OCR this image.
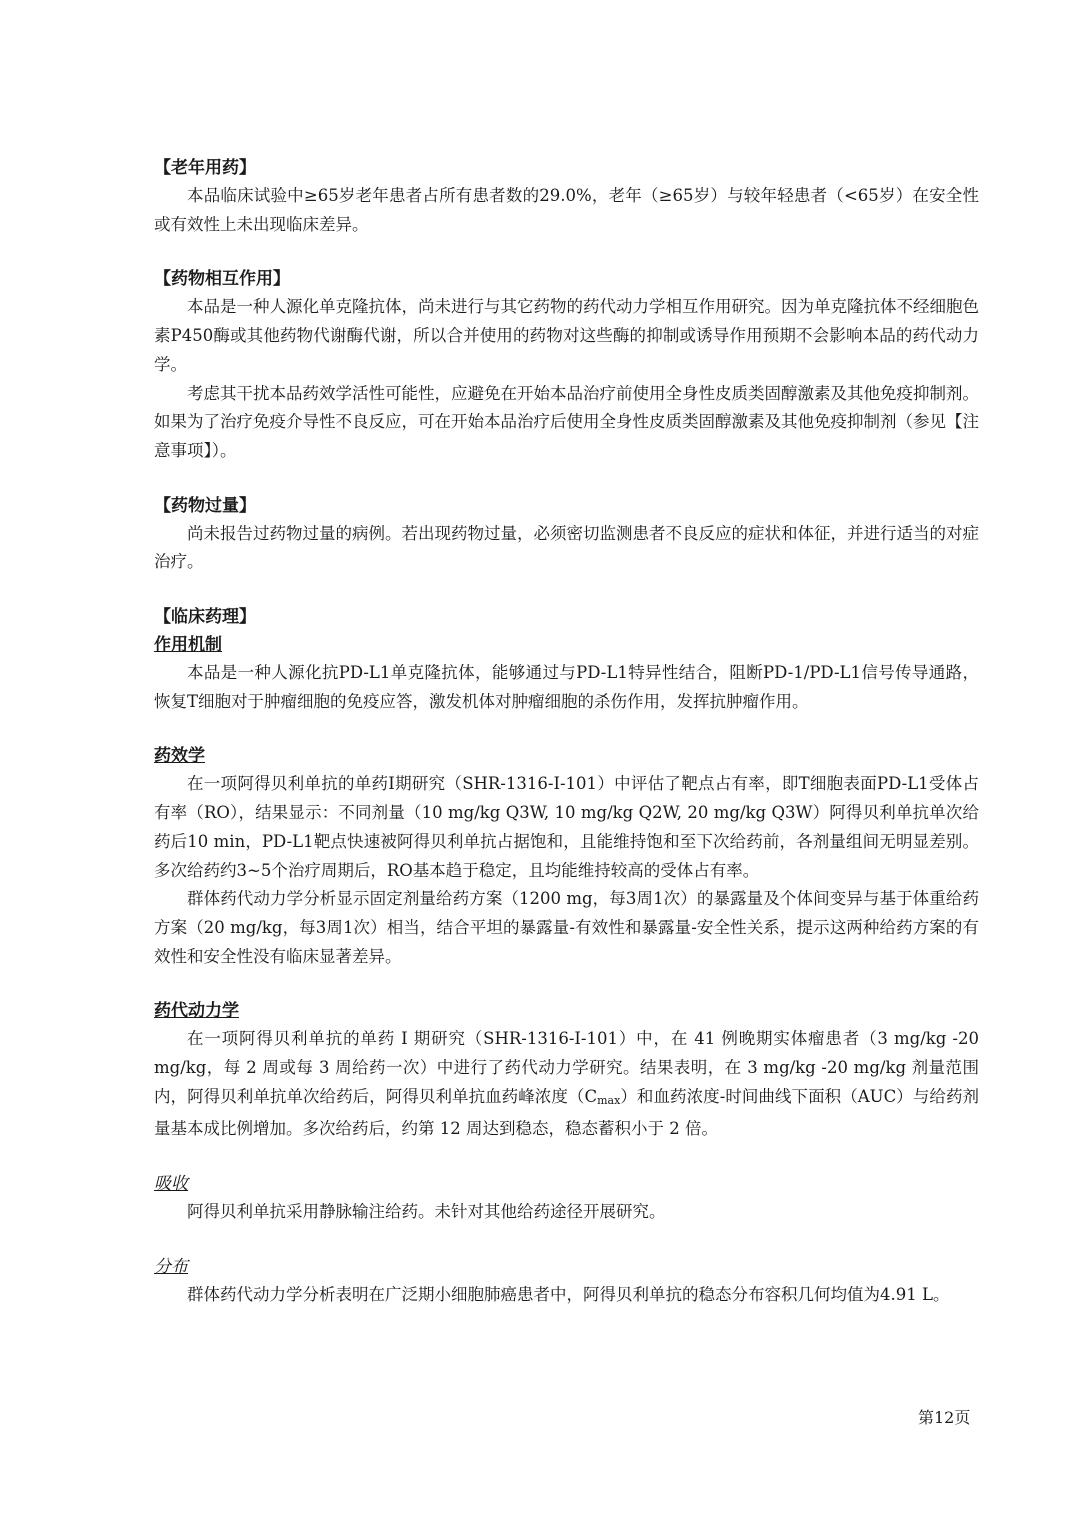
【老年用药】

本品临床试验中≥65岁老年患者占所有患者数的29.0%，老年（≥65岁）与较年轻患者（<65岁）在安全性或有效性上未出现临床差异。

【药物相互作用】

本品是一种人源化单克隆抗体，尚未进行与其它药物的药代动力学相互作用研究。因为单克隆抗体不经细胞色素P450酶或其他药物代谢酶代谢，所以合并使用的药物对这些酶的抑制或诱导作用预期不会影响本品的药代动力学。

考虑其干扰本品药效学活性可能性，应避免在开始本品治疗前使用全身性皮质类固醇激素及其他免疫抑制剂。如果为了治疗免疫介导性不良反应，可在开始本品治疗后使用全身性皮质类固醇激素及其他免疫抑制剂（参见【注意事项】）。

【药物过量】

尚未报告过药物过量的病例。若出现药物过量，必须密切监测患者不良反应的症状和体征，并进行适当的对症治疗。

【临床药理】
作用机制

本品是一种人源化抗PD-L1单克隆抗体，能够通过与PD-L1特异性结合，阻断PD-1/PD-L1信号传导通路，恢复T细胞对于肿瘤细胞的免疫应答，激发机体对肿瘤细胞的杀伤作用，发挥抗肿瘤作用。

药效学

在一项阿得贝利单抗的单药I期研究（SHR-1316-I-101）中评估了靶点占有率，即T细胞表面PD-L1受体占有率（RO），结果显示：不同剂量（10 mg/kg Q3W, 10 mg/kg Q2W, 20 mg/kg Q3W）阿得贝利单抗单次给药后10 min，PD-L1靶点快速被阿得贝利单抗占据饱和，且能维持饱和至下次给药前，各剂量组间无明显差别。多次给药约3~5个治疗周期后，RO基本趋于稳定，且均能维持较高的受体占有率。

群体药代动力学分析显示固定剂量给药方案（1200 mg，每3周1次）的暴露量及个体间变异与基于体重给药方案（20 mg/kg，每3周1次）相当，结合平坦的暴露量-有效性和暴露量-安全性关系，提示这两种给药方案的有效性和安全性没有临床显著差异。

药代动力学

在一项阿得贝利单抗的单药 I 期研究（SHR-1316-I-101）中，在 41 例晚期实体瘤患者（3 mg/kg -20 mg/kg，每 2 周或每 3 周给药一次）中进行了药代动力学研究。结果表明，在 3 mg/kg -20 mg/kg 剂量范围内，阿得贝利单抗单次给药后，阿得贝利单抗血药峰浓度$(C_{max})$和血药浓度-时间曲线下面积（AUC）与给药剂量基本成比例增加。多次给药后，约第 12 周达到稳态，稳态蓄积小于 2 倍。

吸收

阿得贝利单抗采用静脉输注给药。未针对其他给药途径开展研究。

分布

群体药代动力学分析表明在广泛期小细胞肺癌患者中，阿得贝利单抗的稳态分布容积几何均值为4.91 L。

第12页
